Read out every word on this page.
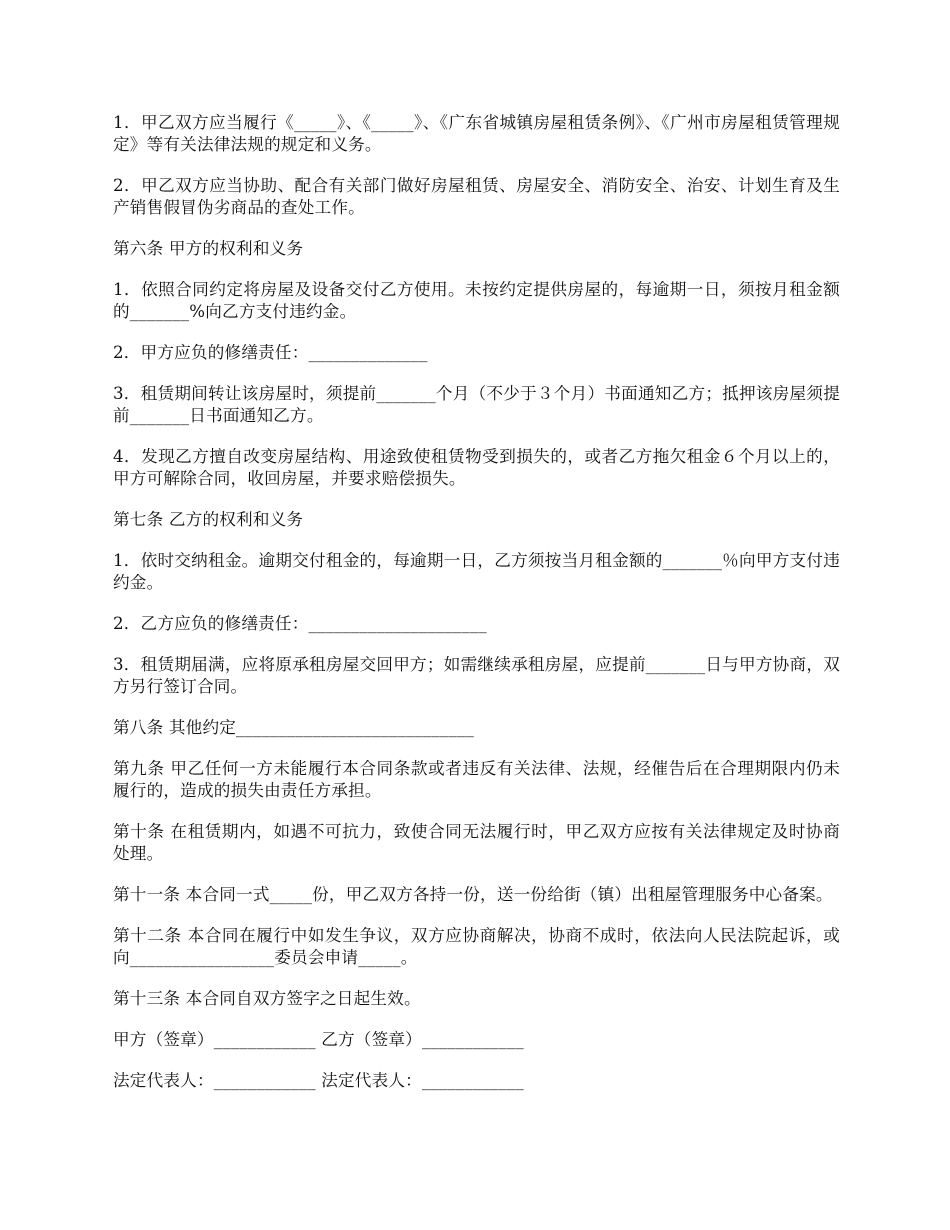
1．甲乙双方应当履行《_____》、《_____》、《广东省城镇房屋租赁条例》、《广州市房屋租赁管理规定》等有关法律法规的规定和义务。

2．甲乙双方应当协助、配合有关部门做好房屋租赁、房屋安全、消防安全、治安、计划生育及生产销售假冒伪劣商品的查处工作。

第六条 甲方的权利和义务

1．依照合同约定将房屋及设备交付乙方使用。未按约定提供房屋的，每逾期一日，须按月租金额的_______%向乙方支付违约金。

2．甲方应负的修缮责任：______________

3．租赁期间转让该房屋时，须提前_______个月（不少于３个月）书面通知乙方；抵押该房屋须提前_______日书面通知乙方。

4．发现乙方擅自改变房屋结构、用途致使租赁物受到损失的，或者乙方拖欠租金６个月以上的，甲方可解除合同，收回房屋，并要求赔偿损失。

第七条 乙方的权利和义务

1．依时交纳租金。逾期交付租金的，每逾期一日，乙方须按当月租金额的_______％向甲方支付违约金。

2．乙方应负的修缮责任：_____________________

3．租赁期届满，应将原承租房屋交回甲方；如需继续承租房屋，应提前_______日与甲方协商，双方另行签订合同。

第八条 其他约定____________________________

第九条 甲乙任何一方未能履行本合同条款或者违反有关法律、法规，经催告后在合理期限内仍未履行的，造成的损失由责任方承担。

第十条 在租赁期内，如遇不可抗力，致使合同无法履行时，甲乙双方应按有关法律规定及时协商处理。

第十一条 本合同一式_____份，甲乙双方各持一份，送一份给街（镇）出租屋管理服务中心备案。

第十二条 本合同在履行中如发生争议，双方应协商解决，协商不成时，依法向人民法院起诉，或向_________________委员会申请_____。

第十三条 本合同自双方签字之日起生效。

甲方（签章）____________ 乙方（签章）____________

法定代表人：____________ 法定代表人：____________
